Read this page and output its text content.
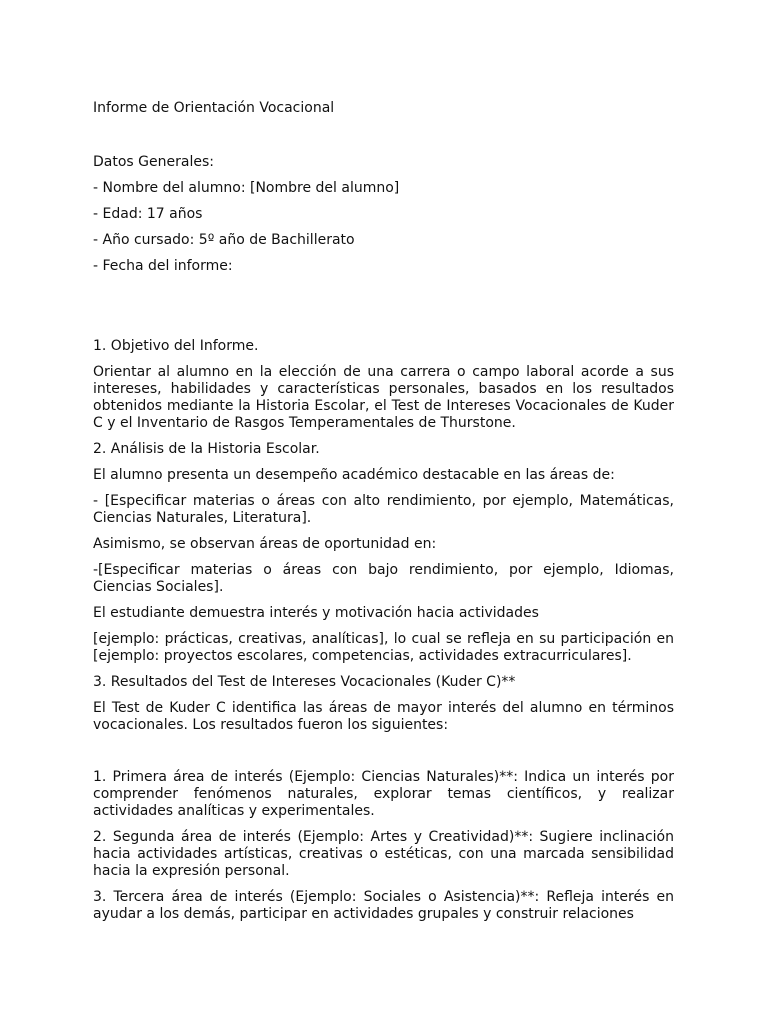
Informe de Orientación Vocacional

Datos Generales:

- Nombre del alumno: [Nombre del alumno]

- Edad: 17 años

- Año cursado: 5º año de Bachillerato

- Fecha del informe:

1. Objetivo del Informe.

Orientar al alumno en la elección de una carrera o campo laboral acorde a sus intereses, habilidades y características personales, basados en los resultados obtenidos mediante la Historia Escolar, el Test de Intereses Vocacionales de Kuder C y el Inventario de Rasgos Temperamentales de Thurstone.

2. Análisis de la Historia Escolar.

El alumno presenta un desempeño académico destacable en las áreas de:

- [Especificar materias o áreas con alto rendimiento, por ejemplo, Matemáticas, Ciencias Naturales, Literatura].

Asimismo, se observan áreas de oportunidad en:

-[Especificar materias o áreas con bajo rendimiento, por ejemplo, Idiomas, Ciencias Sociales].

El estudiante demuestra interés y motivación hacia actividades

[ejemplo: prácticas, creativas, analíticas], lo cual se refleja en su participación en [ejemplo: proyectos escolares, competencias, actividades extracurriculares].

3. Resultados del Test de Intereses Vocacionales (Kuder C)**

El Test de Kuder C identifica las áreas de mayor interés del alumno en términos vocacionales. Los resultados fueron los siguientes:

1. Primera área de interés (Ejemplo: Ciencias Naturales)**: Indica un interés por comprender fenómenos naturales, explorar temas científicos, y realizar actividades analíticas y experimentales.

2. Segunda área de interés (Ejemplo: Artes y Creatividad)**: Sugiere inclinación hacia actividades artísticas, creativas o estéticas, con una marcada sensibilidad hacia la expresión personal.

3. Tercera área de interés (Ejemplo: Sociales o Asistencia)**: Refleja interés en ayudar a los demás, participar en actividades grupales y construir relaciones
